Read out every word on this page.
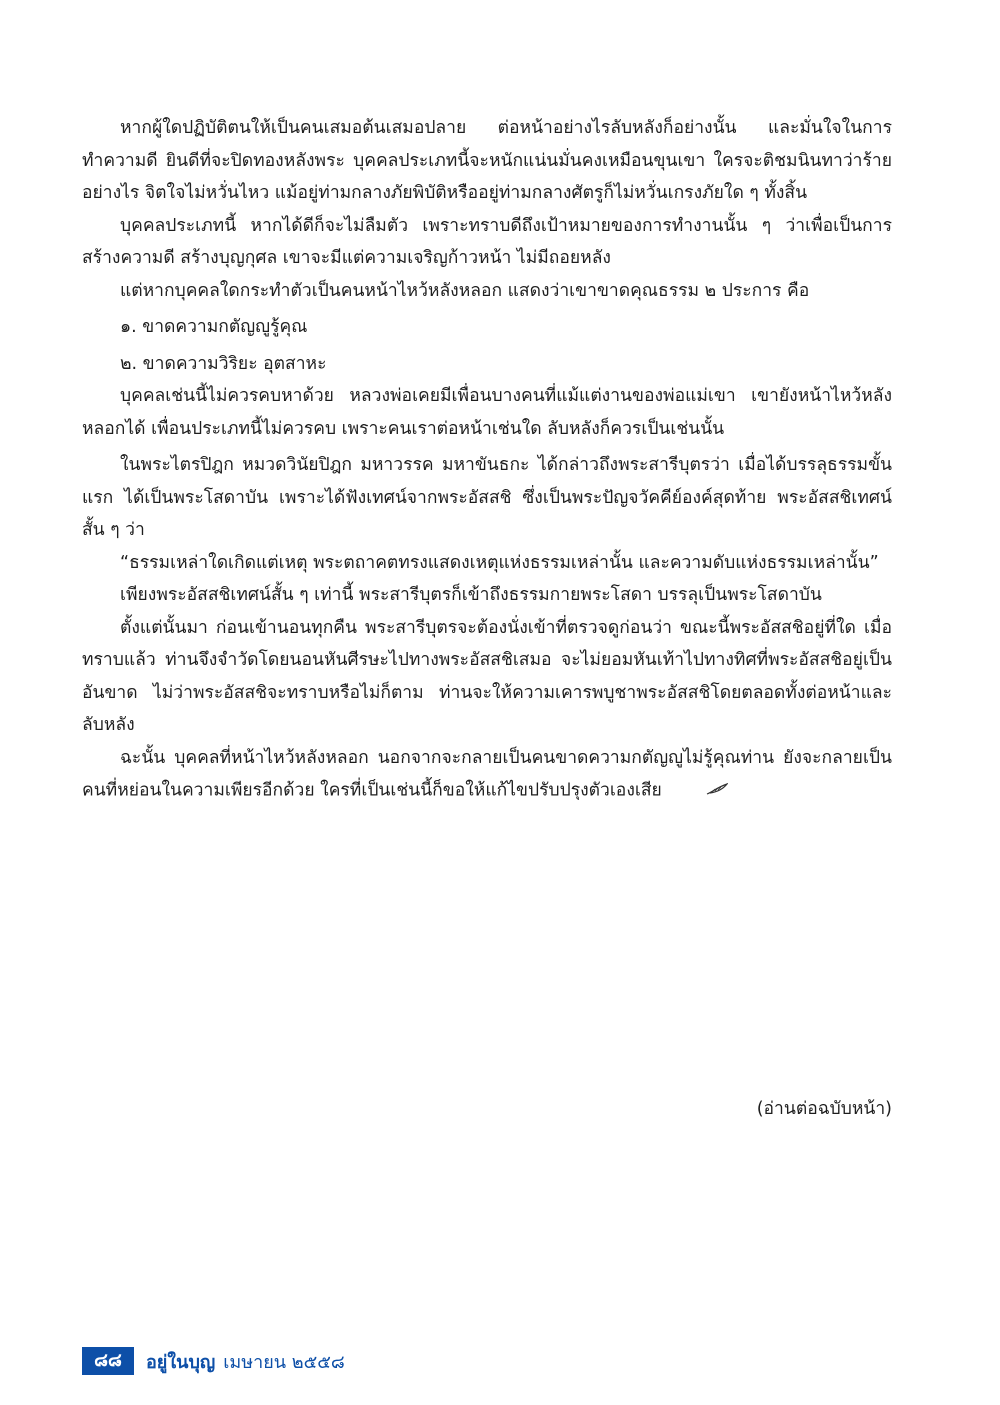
หากผู้ใดปฏิบัติตนให้เป็นคนเสมอต้นเสมอปลาย ต่อหน้าอย่างไรลับหลังก็อย่างนั้น และมั่นใจในการทำความดี ยินดีที่จะปิดทองหลังพระ บุคคลประเภทนี้จะหนักแน่นมั่นคงเหมือนขุนเขา ใครจะติชมนินทาว่าร้ายอย่างไร จิตใจไม่หวั่นไหว แม้อยู่ท่ามกลางภัยพิบัติหรืออยู่ท่ามกลางศัตรูก็ไม่หวั่นเกรงภัยใด ๆ ทั้งสิ้น

บุคคลประเภทนี้ หากได้ดีก็จะไม่ลืมตัว เพราะทราบดีถึงเป้าหมายของการทำงานนั้น ๆ ว่าเพื่อเป็นการสร้างความดี สร้างบุญกุศล เขาจะมีแต่ความเจริญก้าวหน้า ไม่มีถอยหลัง

แต่หากบุคคลใดกระทำตัวเป็นคนหน้าไหว้หลังหลอก แสดงว่าเขาขาดคุณธรรม ๒ ประการ คือ

๑. ขาดความกตัญญูรู้คุณ

๒. ขาดความวิริยะ อุตสาหะ

บุคคลเช่นนี้ไม่ควรคบหาด้วย หลวงพ่อเคยมีเพื่อนบางคนที่แม้แต่งานของพ่อแม่เขา เขายังหน้าไหว้หลังหลอกได้ เพื่อนประเภทนี้ไม่ควรคบ เพราะคนเราต่อหน้าเช่นใด ลับหลังก็ควรเป็นเช่นนั้น

ในพระไตรปิฎก หมวดวินัยปิฎก มหาวรรค มหาขันธกะ ได้กล่าวถึงพระสารีบุตรว่า เมื่อได้บรรลุธรรมขั้นแรก ได้เป็นพระโสดาบัน เพราะได้ฟังเทศน์จากพระอัสสชิ ซึ่งเป็นพระปัญจวัคคีย์องค์สุดท้าย พระอัสสชิเทศน์สั้น ๆ ว่า

“ธรรมเหล่าใดเกิดแต่เหตุ พระตถาคตทรงแสดงเหตุแห่งธรรมเหล่านั้น และความดับแห่งธรรมเหล่านั้น”

เพียงพระอัสสชิเทศน์สั้น ๆ เท่านี้ พระสารีบุตรก็เข้าถึงธรรมกายพระโสดา บรรลุเป็นพระโสดาบัน

ตั้งแต่นั้นมา ก่อนเข้านอนทุกคืน พระสารีบุตรจะต้องนั่งเข้าที่ตรวจดูก่อนว่า ขณะนี้พระอัสสชิอยู่ที่ใด เมื่อทราบแล้ว ท่านจึงจำวัดโดยนอนหันศีรษะไปทางพระอัสสชิเสมอ จะไม่ยอมหันเท้าไปทางทิศที่พระอัสสชิอยู่เป็นอันขาด ไม่ว่าพระอัสสชิจะทราบหรือไม่ก็ตาม ท่านจะให้ความเคารพบูชาพระอัสสชิโดยตลอดทั้งต่อหน้าและลับหลัง

ฉะนั้น บุคคลที่หน้าไหว้หลังหลอก นอกจากจะกลายเป็นคนขาดความกตัญญูไม่รู้คุณท่าน ยังจะกลายเป็นคนที่หย่อนในความเพียรอีกด้วย ใครที่เป็นเช่นนี้ก็ขอให้แก้ไขปรับปรุงตัวเองเสีย

(อ่านต่อฉบับหน้า)
๘๘	อยู่ในบุญ เมษายน ๒๕๕๘
